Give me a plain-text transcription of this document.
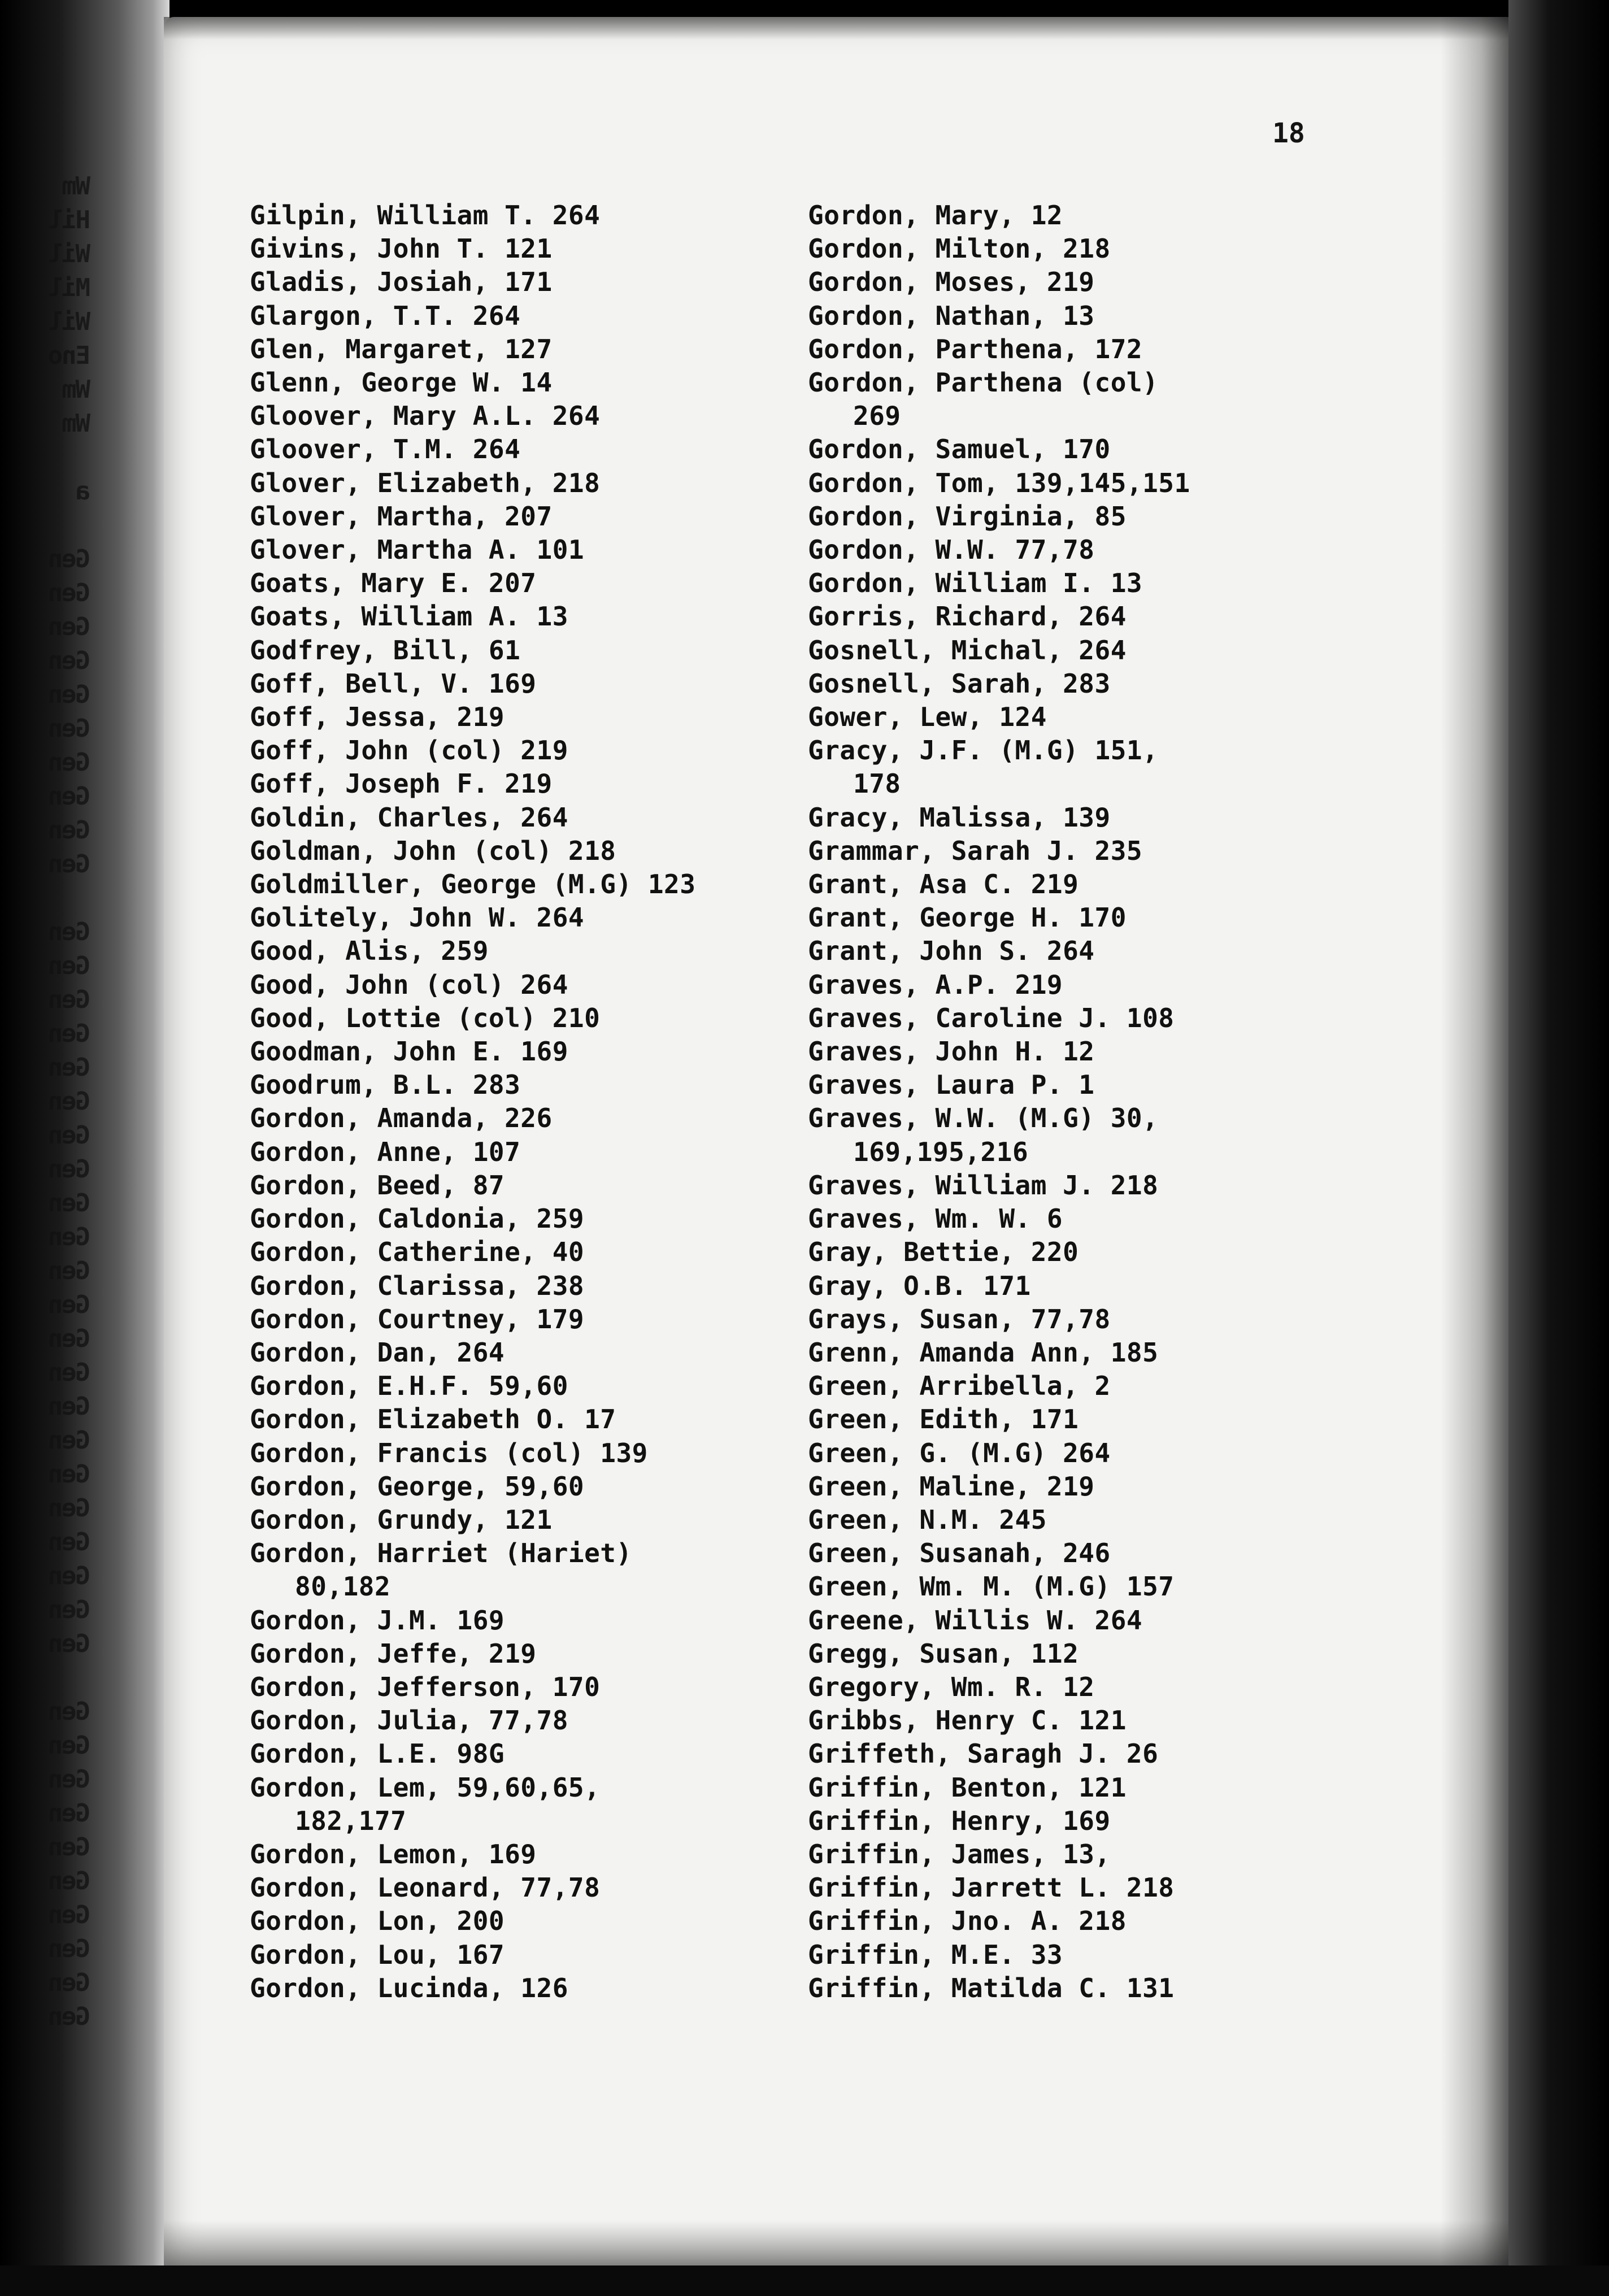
Wm
Hil
Wil
Mil
Wil
Eno
Wm
Wm
a
Gen
Gen
Gen
Gen
Gen
Gen
Gen
Gen
Gen
Gen
Gen
Gen
Gen
Gen
Gen
Gen
Gen
Gen
Gen
Gen
Gen
Gen
Gen
Gen
Gen
Gen
Gen
Gen
Gen
Gen
Gen
Gen
Gen
Gen
Gen
Gen
Gen
Gen
Gen
Gen
Gen
Gen
18
Gilpin, William T. 264
Givins, John T. 121
Gladis, Josiah, 171
Glargon, T.T. 264
Glen, Margaret, 127
Glenn, George W. 14
Gloover, Mary A.L. 264
Gloover, T.M. 264
Glover, Elizabeth, 218
Glover, Martha, 207
Glover, Martha A. 101
Goats, Mary E. 207
Goats, William A. 13
Godfrey, Bill, 61
Goff, Bell, V. 169
Goff, Jessa, 219
Goff, John (col) 219
Goff, Joseph F. 219
Goldin, Charles, 264
Goldman, John (col) 218
Goldmiller, George (M.G) 123
Golitely, John W. 264
Good, Alis, 259
Good, John (col) 264
Good, Lottie (col) 210
Goodman, John E. 169
Goodrum, B.L. 283
Gordon, Amanda, 226
Gordon, Anne, 107
Gordon, Beed, 87
Gordon, Caldonia, 259
Gordon, Catherine, 40
Gordon, Clarissa, 238
Gordon, Courtney, 179
Gordon, Dan, 264
Gordon, E.H.F. 59,60
Gordon, Elizabeth O. 17
Gordon, Francis (col) 139
Gordon, George, 59,60
Gordon, Grundy, 121
Gordon, Harriet (Hariet)
80,182
Gordon, J.M. 169
Gordon, Jeffe, 219
Gordon, Jefferson, 170
Gordon, Julia, 77,78
Gordon, L.E. 98G
Gordon, Lem, 59,60,65,
182,177
Gordon, Lemon, 169
Gordon, Leonard, 77,78
Gordon, Lon, 200
Gordon, Lou, 167
Gordon, Lucinda, 126
Gordon, Mary, 12
Gordon, Milton, 218
Gordon, Moses, 219
Gordon, Nathan, 13
Gordon, Parthena, 172
Gordon, Parthena (col)
269
Gordon, Samuel, 170
Gordon, Tom, 139,145,151
Gordon, Virginia, 85
Gordon, W.W. 77,78
Gordon, William I. 13
Gorris, Richard, 264
Gosnell, Michal, 264
Gosnell, Sarah, 283
Gower, Lew, 124
Gracy, J.F. (M.G) 151,
178
Gracy, Malissa, 139
Grammar, Sarah J. 235
Grant, Asa C. 219
Grant, George H. 170
Grant, John S. 264
Graves, A.P. 219
Graves, Caroline J. 108
Graves, John H. 12
Graves, Laura P. 1
Graves, W.W. (M.G) 30,
169,195,216
Graves, William J. 218
Graves, Wm. W. 6
Gray, Bettie, 220
Gray, O.B. 171
Grays, Susan, 77,78
Grenn, Amanda Ann, 185
Green, Arribella, 2
Green, Edith, 171
Green, G. (M.G) 264
Green, Maline, 219
Green, N.M. 245
Green, Susanah, 246
Green, Wm. M. (M.G) 157
Greene, Willis W. 264
Gregg, Susan, 112
Gregory, Wm. R. 12
Gribbs, Henry C. 121
Griffeth, Saragh J. 26
Griffin, Benton, 121
Griffin, Henry, 169
Griffin, James, 13,
Griffin, Jarrett L. 218
Griffin, Jno. A. 218
Griffin, M.E. 33
Griffin, Matilda C. 131
